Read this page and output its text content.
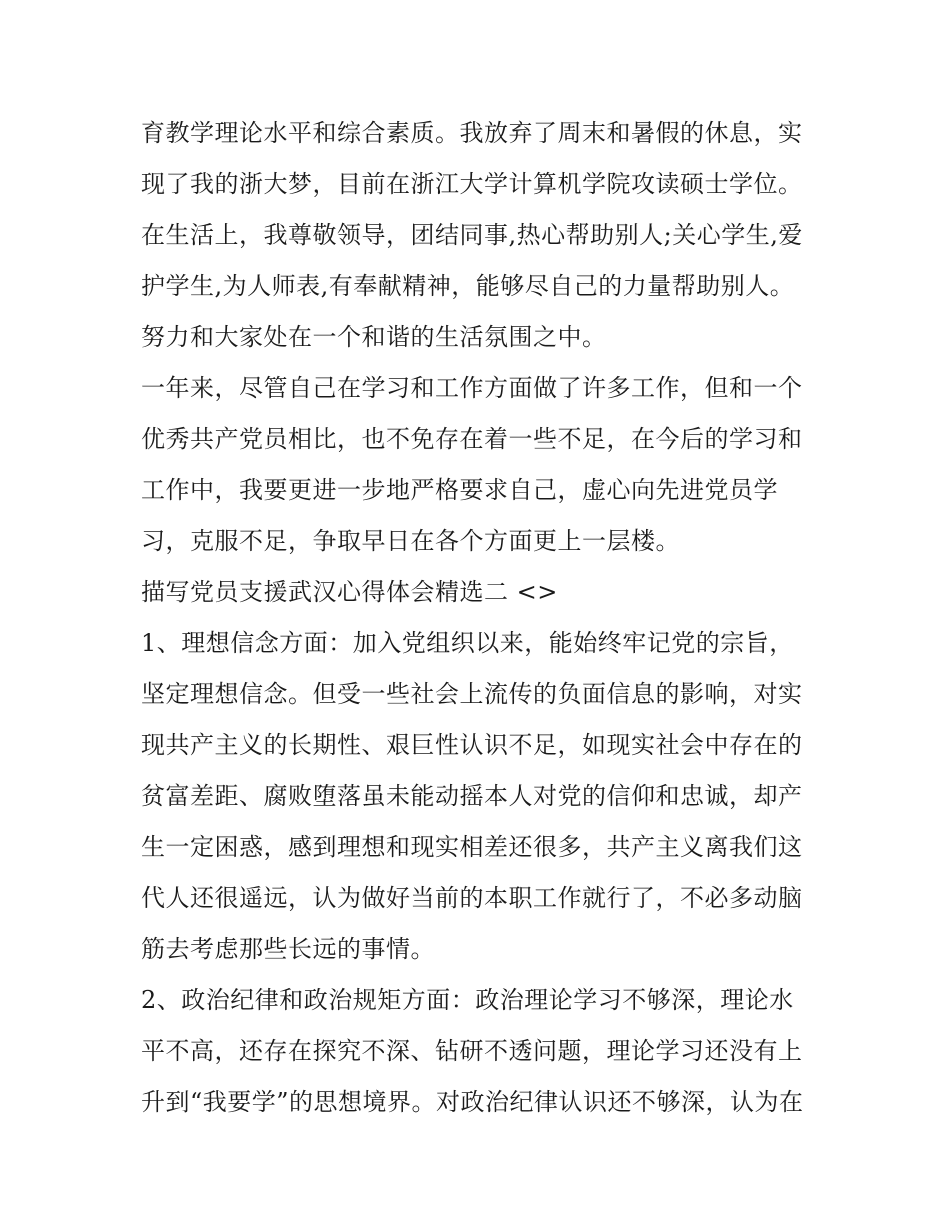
育教学理论水平和综合素质。我放弃了周末和暑假的休息，实
现了我的浙大梦，目前在浙江大学计算机学院攻读硕士学位。
在生活上，我尊敬领导，团结同事,热心帮助别人;关心学生,爱
护学生,为人师表,有奉献精神，能够尽自己的力量帮助别人。
努力和大家处在一个和谐的生活氛围之中。
一年来，尽管自己在学习和工作方面做了许多工作，但和一个
优秀共产党员相比，也不免存在着一些不足，在今后的学习和
工作中，我要更进一步地严格要求自己，虚心向先进党员学
习，克服不足，争取早日在各个方面更上一层楼。
描写党员支援武汉心得体会精选二 <>
1、理想信念方面：加入党组织以来，能始终牢记党的宗旨，
坚定理想信念。但受一些社会上流传的负面信息的影响，对实
现共产主义的长期性、艰巨性认识不足，如现实社会中存在的
贫富差距、腐败堕落虽未能动摇本人对党的信仰和忠诚，却产
生一定困惑，感到理想和现实相差还很多，共产主义离我们这
代人还很遥远，认为做好当前的本职工作就行了，不必多动脑
筋去考虑那些长远的事情。
2、政治纪律和政治规矩方面：政治理论学习不够深，理论水
平不高，还存在探究不深、钻研不透问题，理论学习还没有上
升到“我要学”的思想境界。对政治纪律认识还不够深，认为在
